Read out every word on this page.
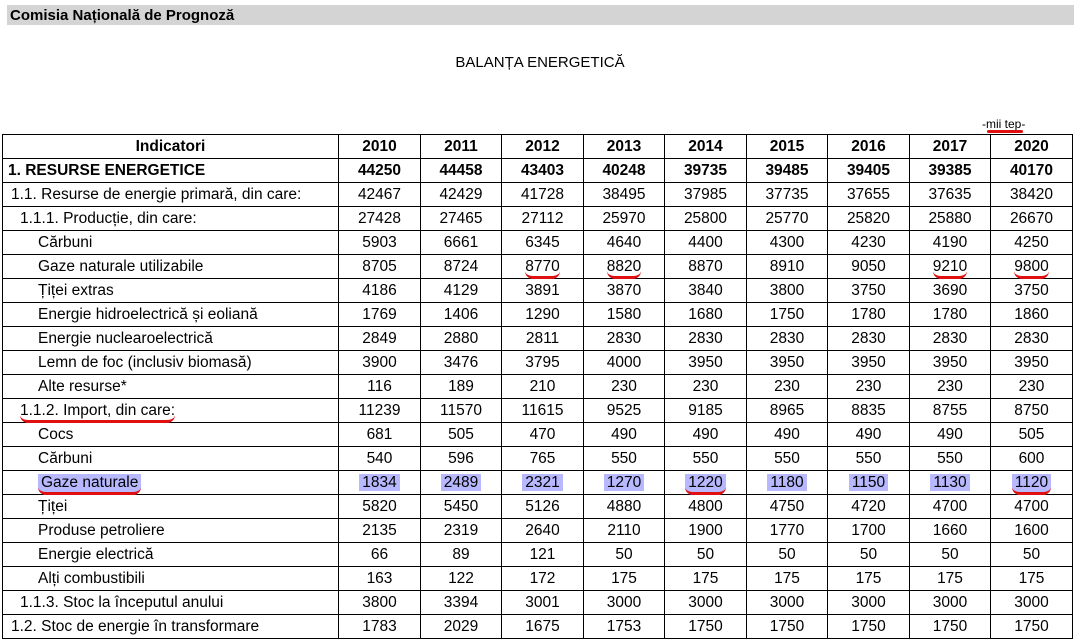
Comisia Națională de Prognoză
BALANȚA ENERGETICĂ
-mii tep-
Indicatori	2010	2011	2012	2013	2014	2015	2016	2017	2020
1. RESURSE ENERGETICE	44250	44458	43403	40248	39735	39485	39405	39385	40170
1.1. Resurse de energie primară, din care:	42467	42429	41728	38495	37985	37735	37655	37635	38420
1.1.1. Producție, din care:	27428	27465	27112	25970	25800	25770	25820	25880	26670
Cărbuni	5903	6661	6345	4640	4400	4300	4230	4190	4250
Gaze naturale utilizabile	8705	8724	8770	8820	8870	8910	9050	9210	9800
Țiței extras	4186	4129	3891	3870	3840	3800	3750	3690	3750
Energie hidroelectrică și eoliană	1769	1406	1290	1580	1680	1750	1780	1780	1860
Energie nuclearoelectrică	2849	2880	2811	2830	2830	2830	2830	2830	2830
Lemn de foc (inclusiv biomasă)	3900	3476	3795	4000	3950	3950	3950	3950	3950
Alte resurse*	116	189	210	230	230	230	230	230	230
1.1.2. Import, din care:	11239	11570	11615	9525	9185	8965	8835	8755	8750
Cocs	681	505	470	490	490	490	490	490	505
Cărbuni	540	596	765	550	550	550	550	550	600
Gaze naturale	1834	2489	2321	1270	1220	1180	1150	1130	1120
Țiței	5820	5450	5126	4880	4800	4750	4720	4700	4700
Produse petroliere	2135	2319	2640	2110	1900	1770	1700	1660	1600
Energie electrică	66	89	121	50	50	50	50	50	50
Alți combustibili	163	122	172	175	175	175	175	175	175
1.1.3. Stoc la începutul anului	3800	3394	3001	3000	3000	3000	3000	3000	3000
1.2. Stoc de energie în transformare	1783	2029	1675	1753	1750	1750	1750	1750	1750
